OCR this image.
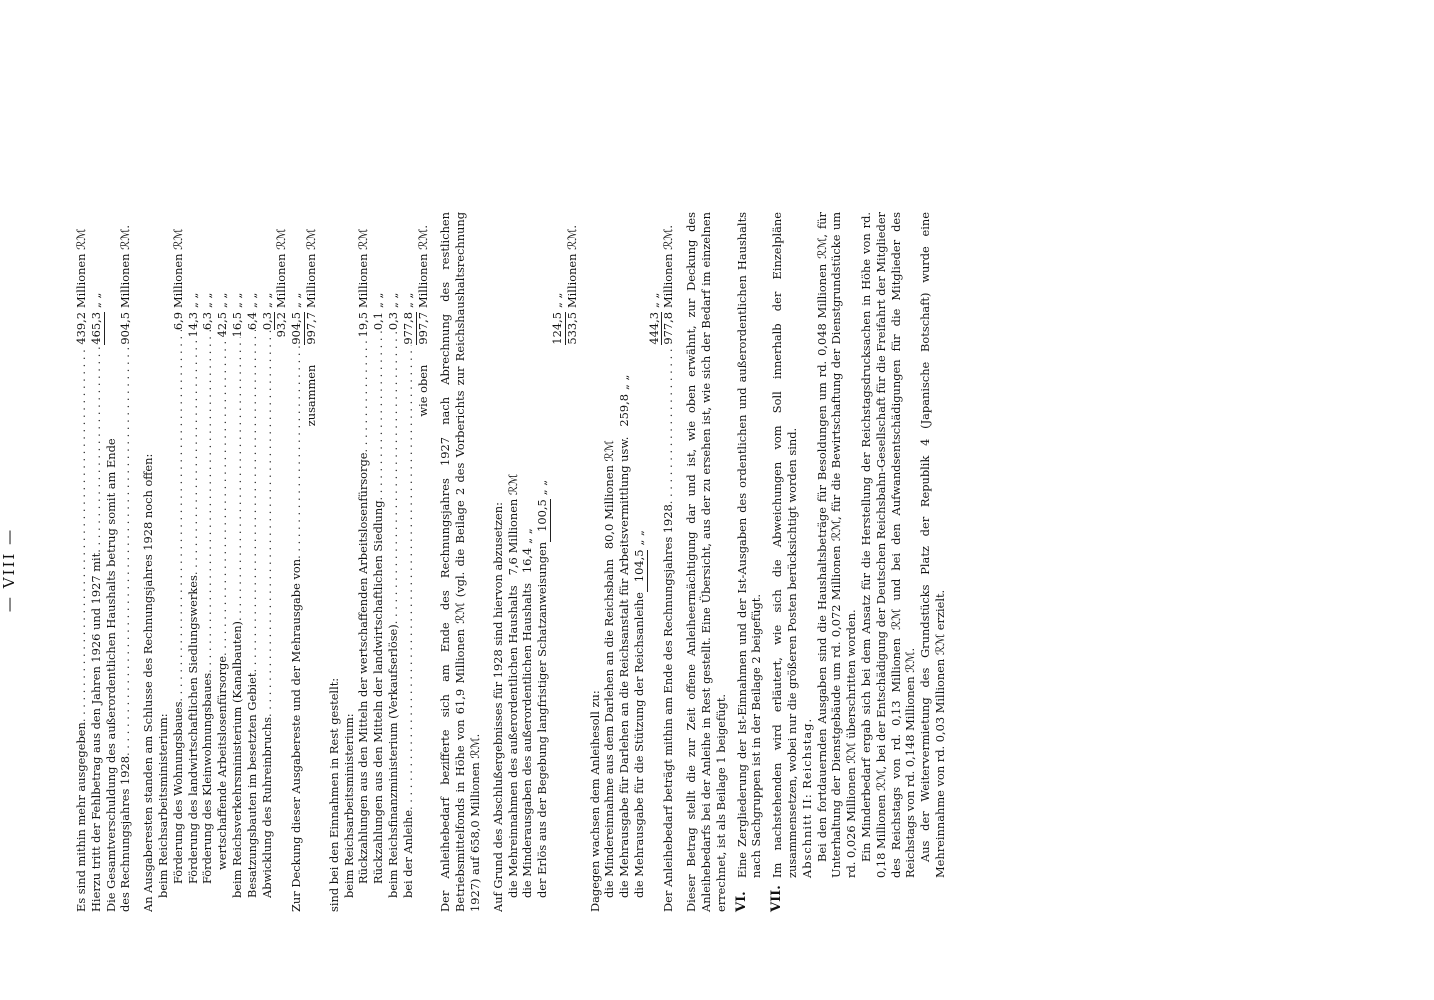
— VIII —
Es sind mithin mehr ausgegeben
. . .
439,2
Millionen ℛℳ
Hierzu tritt der Fehlbetrag aus den Jahren 1926 und 1927 mit
. . .
465,3
„ „
Die Gesamtverschuldung des außerordentlichen Haushalts betrug somit am Ende des Rechnungsjahres 1928
. . .
904,5
Millionen ℛℳ.
An Ausgaberesten standen am Schlusse des Rechnungsjahres 1928 noch offen: beim Reichsarbeitsministerium: Förderung des Wohnungsbaues
. . .
6,9
Millionen ℛℳ
Förderung des landwirtschaftlichen Siedlungswerkes
. . .
14,3
„ „
Förderung des Kleinwohnungsbaues
. . .
6,3
„ „
wertschaffende Arbeitslosenfürsorge
. . .
42,5
„ „
beim Reichsverkehrsministerium (Kanalbauten)
. . .
16,5
„ „
Besatzungsbauten im besetzten Gebiet
. . .
6,4
„ „
Abwicklung des Ruhreinbruchs
. . .
0,3
„ „
93,2
Millionen ℛℳ
Zur Deckung dieser Ausgabereste und der Mehrausgabe von
. . .
904,5
„ „
zusammen
997,7
Millionen ℛℳ
sind bei den Einnahmen in Rest gestellt: beim Reichsarbeitsministerium: Rückzahlungen aus den Mitteln der wertschaffenden Arbeitslosenfürsorge
. . .
19,5
Millionen ℛℳ
Rückzahlungen aus den Mitteln der landwirtschaftlichen Siedlung
. . .
0,1
„ „
beim Reichsfinanzministerium (Verkaufserlöse)
. . .
0,3
„ „
bei der Anleihe
. . .
977,8
„ „
wie oben
997,7
Millionen ℛℳ. Der Anleihebedarf bezifferte sich am Ende des Rechnungsjahres 1927 nach Abrechnung des restlichen Betriebsmittelfonds in Höhe von 61,9 Millionen ℛℳ (vgl. die Beilage 2 des Vorberichts zur Reichshaushaltsrechnung 1927) auf 658,0 Millionen ℛℳ. Auf Grund des Abschlußergebnisses für 1928 sind hiervon abzusetzen: die Mehreinnahmen des außerordentlichen Haushalts
7,6
Millionen ℛℳ
die Minderausgaben des außerordentlichen Haushalts
16,4
„ „
der Erlös aus der Begebung langfristiger Schatzanweisungen
100,5
„ „
124,5
„ „
533,5
Millionen ℛℳ.
Dagegen wachsen dem Anleihesoll zu: die Mindereinnahme aus dem Darlehen an die Reichsbahn
80,0
Millionen ℛℳ die Mehrausgabe für Darlehen an die Reichsanstalt für Arbeitsvermittlung usw.
259,8
„ „
die Mehrausgabe für die Stützung der Reichsanleihe
104,5
„ „
444,3
„ „
Der Anleihebedarf beträgt mithin am Ende des Rechnungsjahres 1928
. . .
977,8
Millionen ℛℳ. Dieser Betrag stellt die zur Zeit offene Anleiheermächtigung dar und ist, wie oben erwähnt, zur Deckung des Anleihebedarfs bei der Anleihe in Rest gestellt. Eine Übersicht, aus der zu ersehen ist, wie sich der Bedarf im einzelnen errechnet, ist als Beilage 1 beigefügt. VI.
Eine Zergliederung der Ist-Einnahmen und der Ist-Ausgaben des ordentlichen und außerordentlichen Haushalts nach Sachgruppen ist in der Beilage 2 beigefügt.
VII.
Im nachstehenden wird erläutert, wie sich die Abweichungen vom Soll innerhalb der Einzelpläne zusammensetzen, wobei nur die größeren Posten berücksichtigt worden sind. Abschnitt II: Reichstag. Bei den fortdauernden Ausgaben sind die Haushaltsbeträge für Besoldungen um rd. 0,048 Millionen ℛℳ, für Unterhaltung der Dienstgebäude um rd. 0,072 Millionen ℛℳ, für die Bewirtschaftung der Dienstgrundstücke um rd. 0,026 Millionen ℛℳ überschritten worden. Ein Minderbedarf ergab sich bei dem Ansatz für die Herstellung der Reichstagsdrucksachen in Höhe von rd. 0,18 Millionen ℛℳ, bei der Entschädigung der Deutschen Reichsbahn-Gesellschaft für die Freifahrt der Mitglieder des Reichstags von rd. 0,13 Millionen ℛℳ und bei den Aufwandsentschädigungen für die Mitglieder des Reichstags von rd. 0,148 Millionen ℛℳ. Aus der Weitervermietung des Grundstücks Platz der Republik 4 (Japanische Botschaft) wurde eine Mehreinnahme von rd. 0,03 Millionen ℛℳ erzielt.
